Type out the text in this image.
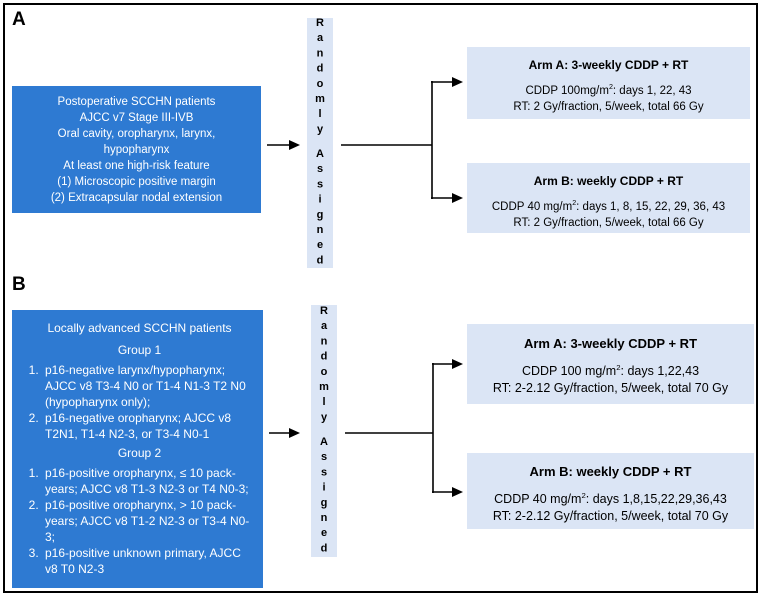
A
Postoperative SCCHN patients
AJCC v7 Stage III-IVB
Oral cavity, oropharynx, larynx,
hypopharynx
At least one high-risk feature
(1) Microscopic positive margin
(2) Extracapsular nodal extension
Randomly
Assigned
Arm A: 3-weekly CDDP + RT
CDDP $100mg/m^2$: days 1, 22, 43
RT: 2 Gy/fraction, 5/week, total 66 Gy
Arm B: weekly CDDP + RT
CDDP 40 $mg/m^2$: days 1, 8, 15, 22, 29, 36, 43
RT: 2 Gy/fraction, 5/week, total 66 Gy
B
Locally advanced SCCHN patients
Group 1
1. p16-negative larynx/hypopharynx; AJCC v8 T3-4 N0 or T1-4 N1-3 T2 N0 (hypopharynx only);
2. p16-negative oropharynx; AJCC v8 T2N1, T1-4 N2-3, or T3-4 N0-1
Group 2
1. p16-positive oropharynx, ≤ 10 pack-years; AJCC v8 T1-3 N2-3 or T4 N0-3;
2. p16-positive oropharynx, > 10 pack-years; AJCC v8 T1-2 N2-3 or T3-4 N0-3;
3. p16-positive unknown primary, AJCC v8 T0 N2-3
Randomly
Assigned
Arm A: 3-weekly CDDP + RT
CDDP 100 $mg/m^2$: days 1,22,43
RT: 2-2.12 Gy/fraction, 5/week, total 70 Gy
Arm B: weekly CDDP + RT
CDDP 40 $mg/m^2$: days 1,8,15,22,29,36,43
RT: 2-2.12 Gy/fraction, 5/week, total 70 Gy
